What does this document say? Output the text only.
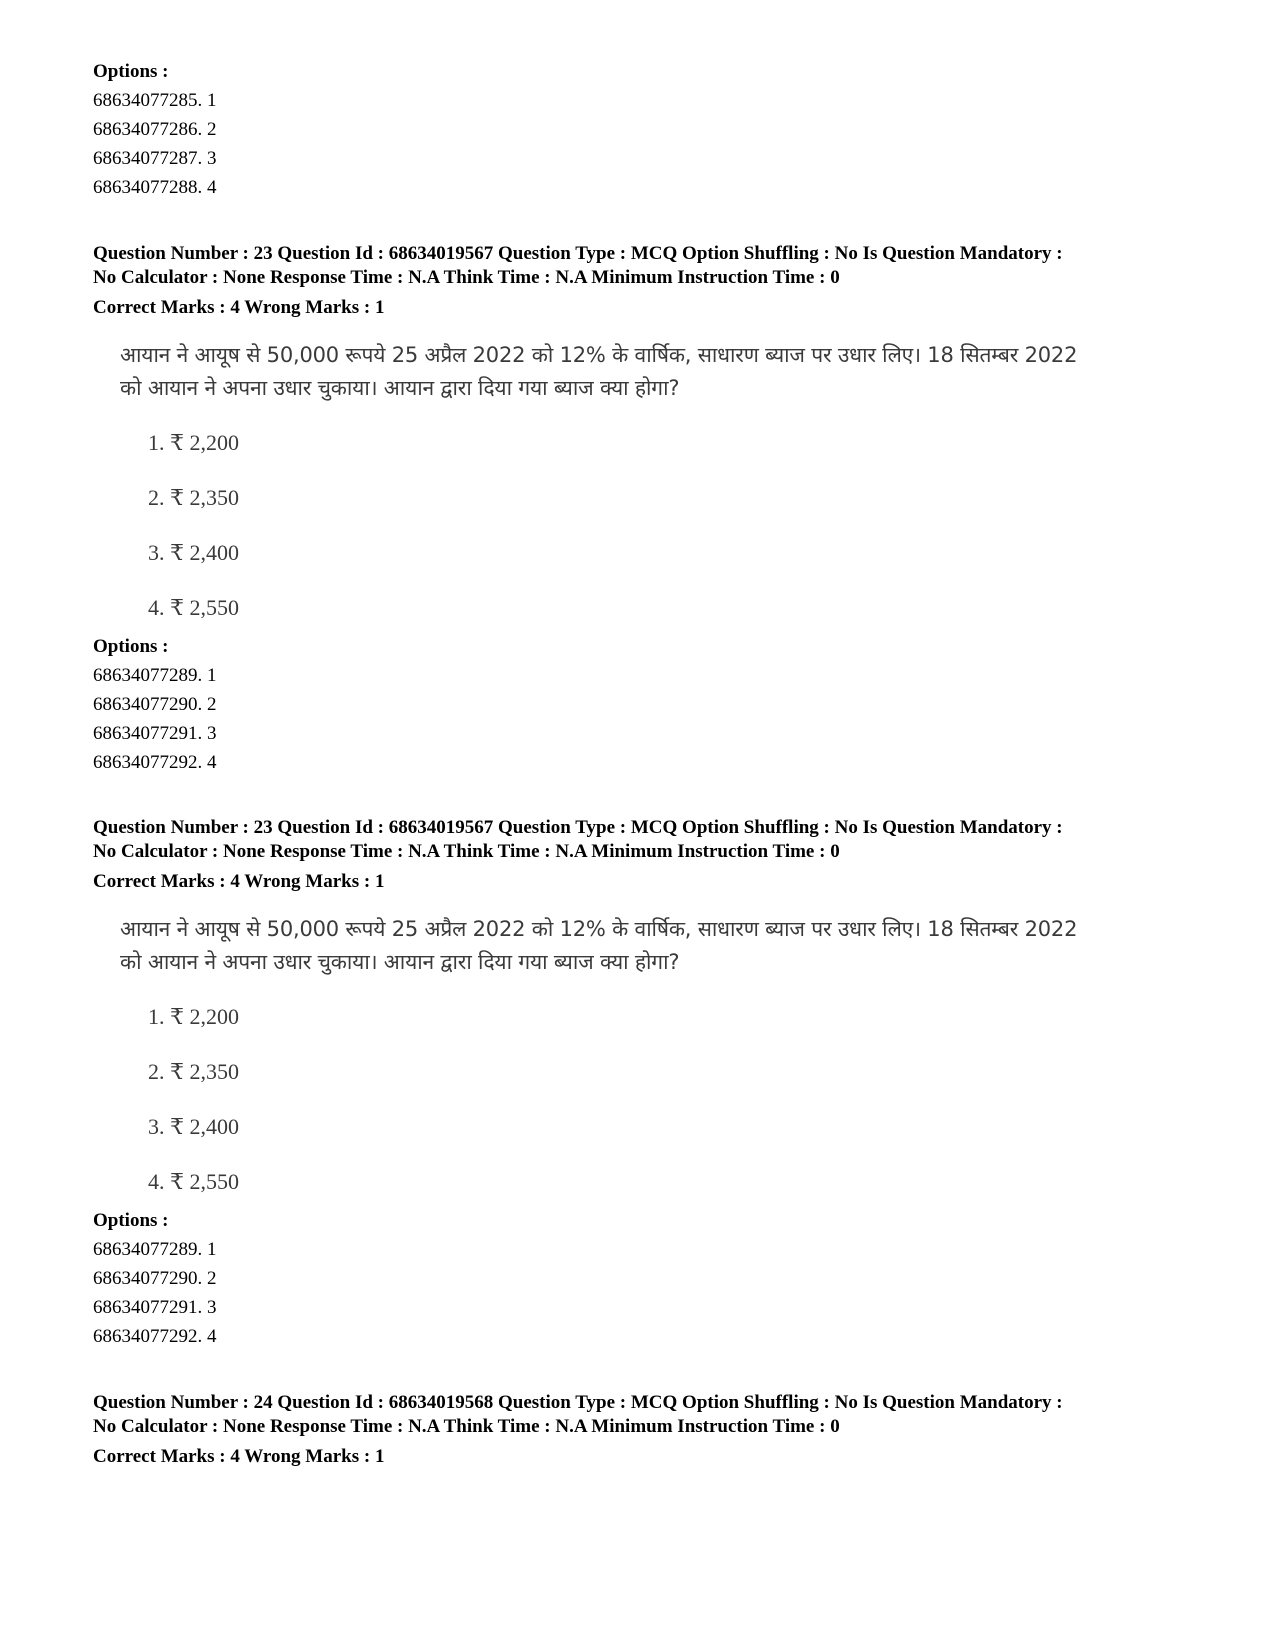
Options :

68634077285. 1

68634077286. 2

68634077287. 3

68634077288. 4

Question Number : 23 Question Id : 68634019567 Question Type : MCQ Option Shuffling : No Is Question Mandatory :

No Calculator : None Response Time : N.A Think Time : N.A Minimum Instruction Time : 0

Correct Marks : 4 Wrong Marks : 1

आयान ने आयूष से 50,000 रूपये 25 अप्रैल 2022 को 12% के वार्षिक, साधारण ब्याज पर उधार लिए। 18 सितम्बर 2022

को आयान ने अपना उधार चुकाया। आयान द्वारा दिया गया ब्याज क्या होगा?

1. ₹ 2,200

2. ₹ 2,350

3. ₹ 2,400

4. ₹ 2,550

Options :

68634077289. 1

68634077290. 2

68634077291. 3

68634077292. 4

Question Number : 23 Question Id : 68634019567 Question Type : MCQ Option Shuffling : No Is Question Mandatory :

No Calculator : None Response Time : N.A Think Time : N.A Minimum Instruction Time : 0

Correct Marks : 4 Wrong Marks : 1

आयान ने आयूष से 50,000 रूपये 25 अप्रैल 2022 को 12% के वार्षिक, साधारण ब्याज पर उधार लिए। 18 सितम्बर 2022

को आयान ने अपना उधार चुकाया। आयान द्वारा दिया गया ब्याज क्या होगा?

1. ₹ 2,200

2. ₹ 2,350

3. ₹ 2,400

4. ₹ 2,550

Options :

68634077289. 1

68634077290. 2

68634077291. 3

68634077292. 4

Question Number : 24 Question Id : 68634019568 Question Type : MCQ Option Shuffling : No Is Question Mandatory :

No Calculator : None Response Time : N.A Think Time : N.A Minimum Instruction Time : 0

Correct Marks : 4 Wrong Marks : 1
